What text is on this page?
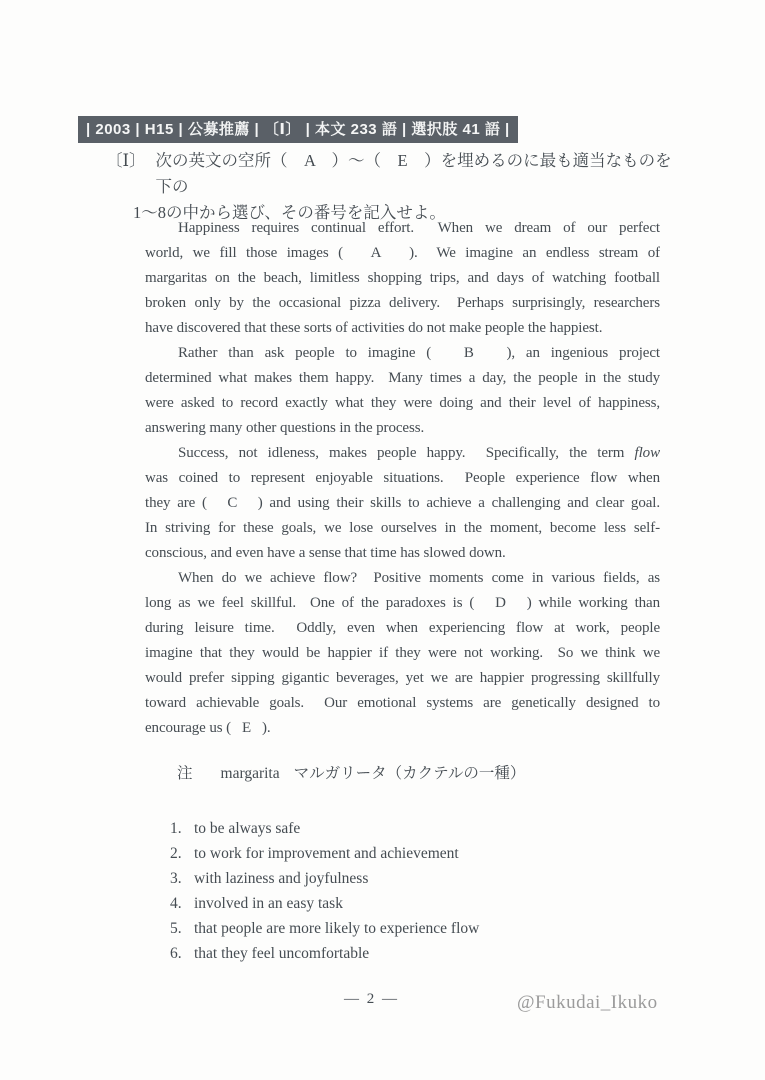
| 2003 | H15 | 公募推薦 | 〔Ⅰ〕 | 本文 233 語 | 選択肢 41 語 |
〔Ⅰ〕 次の英文の空所（　A　）～（　E　）を埋めるのに最も適当なものを下の
1～8の中から選び、その番号を記入せよ。
Happiness requires continual effort.  When we dream of our perfect
world, we fill those images (   A   ).  We imagine an endless stream of
margaritas on the beach, limitless shopping trips, and days of watching football
broken only by the occasional pizza delivery.  Perhaps surprisingly, researchers
have discovered that these sorts of activities do not make people the happiest.
Rather than ask people to imagine (   B   ), an ingenious project
determined what makes them happy.  Many times a day, the people in the study
were asked to record exactly what they were doing and their level of happiness,
answering many other questions in the process.
Success, not idleness, makes people happy.  Specifically, the term flow
was coined to represent enjoyable situations.  People experience flow when
they are (   C   ) and using their skills to achieve a challenging and clear goal.
In striving for these goals, we lose ourselves in the moment, become less self-
conscious, and even have a sense that time has slowed down.
When do we achieve flow?  Positive moments come in various fields, as
long as we feel skillful.  One of the paradoxes is (   D   ) while working than
during leisure time.  Oddly, even when experiencing flow at work, people
imagine that they would be happier if they were not working.  So we think we
would prefer sipping gigantic beverages, yet we are happier progressing skillfully
toward achievable goals.  Our emotional systems are genetically designed to
encourage us (   E   ).
注 margarita マルガリータ（カクテルの一種）
1. to be always safe
2. to work for improvement and achievement
3. with laziness and joyfulness
4. involved in an easy task
5. that people are more likely to experience flow
6. that they feel uncomfortable
— 2 —	@Fukudai_Ikuko
